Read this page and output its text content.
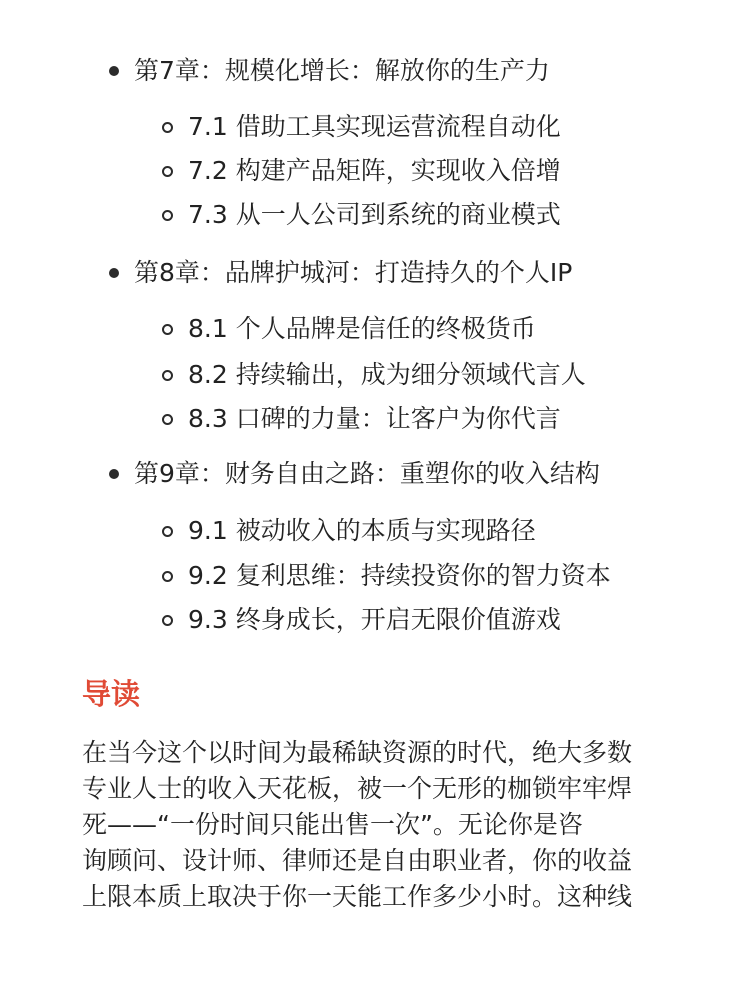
第7章：规模化增长：解放你的生产力
7.1 借助工具实现运营流程自动化
7.2 构建产品矩阵，实现收入倍增
7.3 从一人公司到系统的商业模式
第8章：品牌护城河：打造持久的个人IP
8.1 个人品牌是信任的终极货币
8.2 持续输出，成为细分领域代言人
8.3 口碑的力量：让客户为你代言
第9章：财务自由之路：重塑你的收入结构
9.1 被动收入的本质与实现路径
9.2 复利思维：持续投资你的智力资本
9.3 终身成长，开启无限价值游戏
导读
在当今这个以时间为最稀缺资源的时代，绝大多数
专业人士的收入天花板，被一个无形的枷锁牢牢焊
死——“一份时间只能出售一次”。无论你是咨
询顾问、设计师、律师还是自由职业者，你的收益
上限本质上取决于你一天能工作多少小时。这种线
